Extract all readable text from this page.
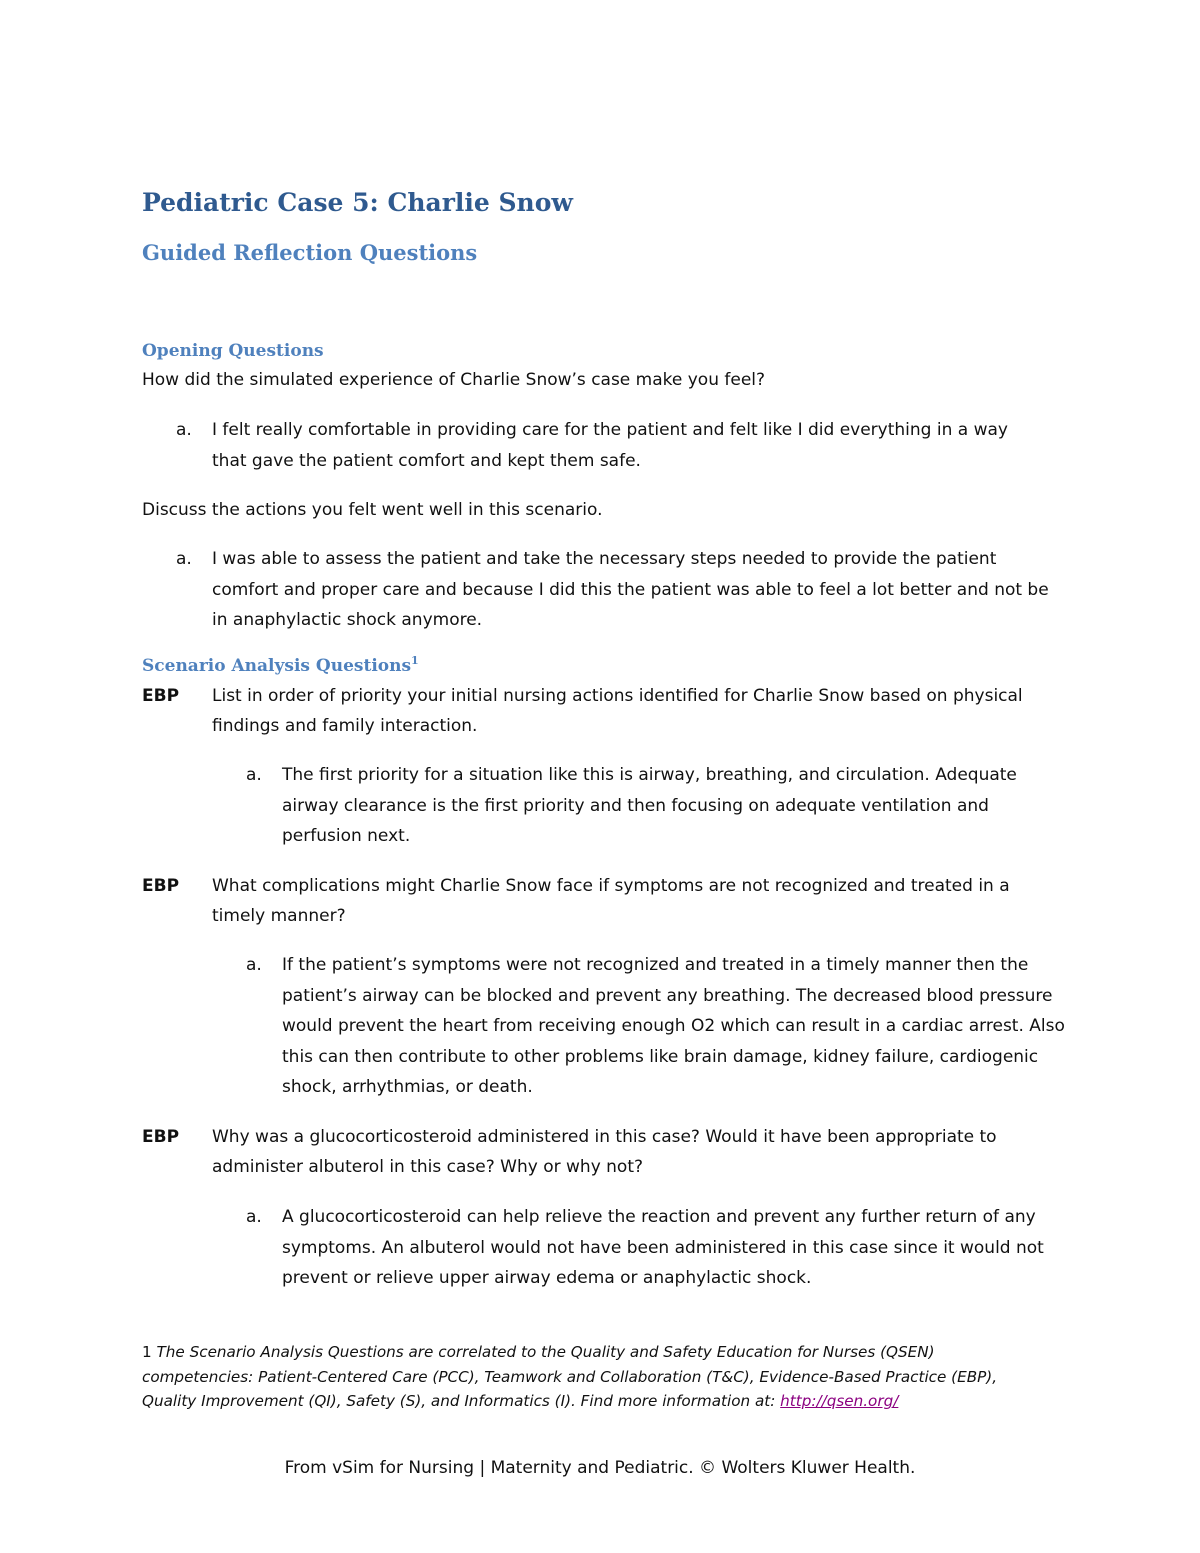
Pediatric Case 5: Charlie Snow
Guided Reflection Questions
Opening Questions

How did the simulated experience of Charlie Snow’s case make you feel?

a. I felt really comfortable in providing care for the patient and felt like I did everything in a way that gave the patient comfort and kept them safe.

Discuss the actions you felt went well in this scenario.

a. I was able to assess the patient and take the necessary steps needed to provide the patient comfort and proper care and because I did this the patient was able to feel a lot better and not be in anaphylactic shock anymore.

Scenario Analysis Questions$^1$
EBP List in order of priority your initial nursing actions identified for Charlie Snow based on physical findings and family interaction.

a. The first priority for a situation like this is airway, breathing, and circulation. Adequate airway clearance is the first priority and then focusing on adequate ventilation and perfusion next.

EBP What complications might Charlie Snow face if symptoms are not recognized and treated in a timely manner?

a. If the patient’s symptoms were not recognized and treated in a timely manner then the patient’s airway can be blocked and prevent any breathing. The decreased blood pressure would prevent the heart from receiving enough O2 which can result in a cardiac arrest. Also this can then contribute to other problems like brain damage, kidney failure, cardiogenic shock, arrhythmias, or death.

EBP Why was a glucocorticosteroid administered in this case? Would it have been appropriate to administer albuterol in this case? Why or why not?

a. A glucocorticosteroid can help relieve the reaction and prevent any further return of any symptoms. An albuterol would not have been administered in this case since it would not prevent or relieve upper airway edema or anaphylactic shock.

1 The Scenario Analysis Questions are correlated to the Quality and Safety Education for Nurses (QSEN) competencies: Patient-Centered Care (PCC), Teamwork and Collaboration (T&C), Evidence-Based Practice (EBP), Quality Improvement (QI), Safety (S), and Informatics (I). Find more information at: http://qsen.org/

From vSim for Nursing | Maternity and Pediatric. © Wolters Kluwer Health.
